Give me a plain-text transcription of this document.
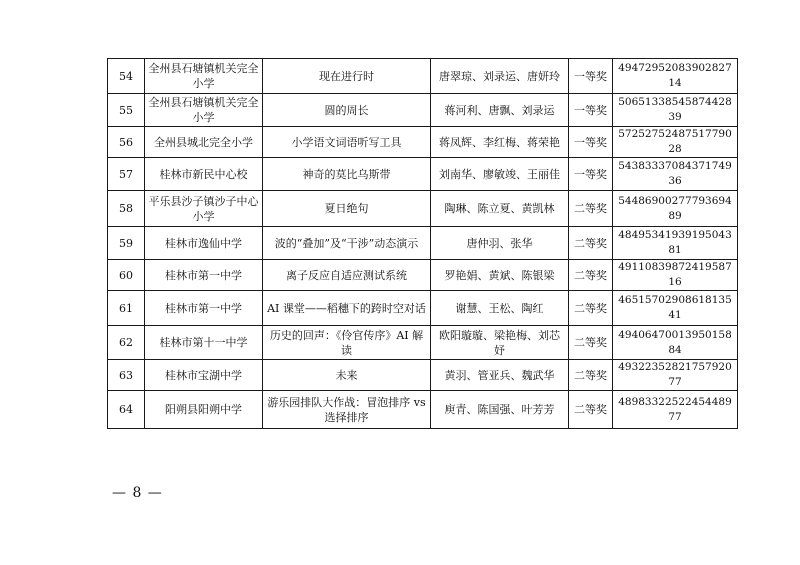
54	全州县石塘镇机关完全小学	现在进行时	唐翠琼、刘录运、唐妍玲	一等奖	4947295208390282714
55	全州县石塘镇机关完全小学	圆的周长	蒋河利、唐飘、刘录运	一等奖	5065133854587442839
56	全州县城北完全小学	小学语文词语听写工具	蒋凤辉、李红梅、蒋荣艳	一等奖	5725275248751779028
57	桂林市新民中心校	神奇的莫比乌斯带	刘南华、廖敏竣、王丽佳	一等奖	5438333708437174936
58	平乐县沙子镇沙子中心小学	夏日绝句	陶琳、陈立夏、黄凯林	二等奖	5448690027779369489
59	桂林市逸仙中学	波的“叠加”及“干涉”动态演示	唐仲羽、张华	二等奖	4849534193919504381
60	桂林市第一中学	离子反应自适应测试系统	罗艳娟、黄斌、陈银梁	二等奖	4911083987241958716
61	桂林市第一中学	AI 课堂——稻穗下的跨时空对话	谢慧、王松、陶红	二等奖	4651570290861813541
62	桂林市第十一中学	历史的回声：《伶官传序》AI 解读	欧阳璇璇、梁艳梅、刘芯妤	二等奖	4940647001395015884
63	桂林市宝湖中学	未来	黄羽、管亚兵、魏武华	二等奖	4932235282175792077
64	阳朔县阳朔中学	游乐园排队大作战：冒泡排序 vs 选择排序	庾青、陈国强、叶芳芳	二等奖	4898332252245448977
— 8 —
